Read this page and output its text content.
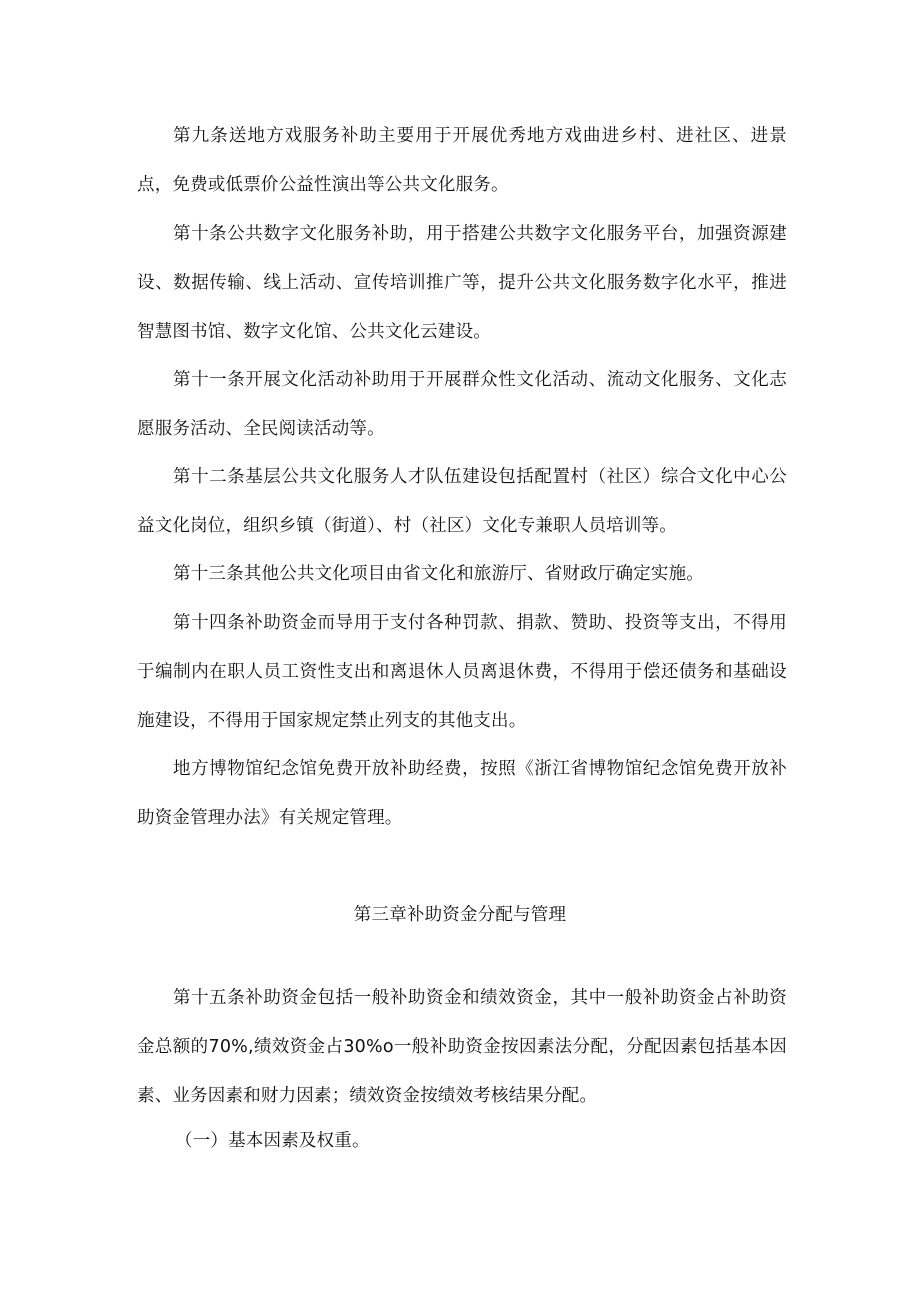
第九条送地方戏服务补助主要用于开展优秀地方戏曲进乡村、进社区、进景点，免费或低票价公益性演出等公共文化服务。

第十条公共数字文化服务补助，用于搭建公共数字文化服务平台，加强资源建设、数据传输、线上活动、宣传培训推广等，提升公共文化服务数字化水平，推进智慧图书馆、数字文化馆、公共文化云建设。

第十一条开展文化活动补助用于开展群众性文化活动、流动文化服务、文化志愿服务活动、全民阅读活动等。

第十二条基层公共文化服务人才队伍建设包括配置村（社区）综合文化中心公益文化岗位，组织乡镇（街道）、村（社区）文化专兼职人员培训等。

第十三条其他公共文化项目由省文化和旅游厅、省财政厅确定实施。

第十四条补助资金而导用于支付各种罚款、捐款、赞助、投资等支出，不得用于编制内在职人员工资性支出和离退休人员离退休费，不得用于偿还债务和基础设施建设，不得用于国家规定禁止列支的其他支出。

地方博物馆纪念馆免费开放补助经费，按照《浙江省博物馆纪念馆免费开放补助资金管理办法》有关规定管理。

第三章补助资金分配与管理

第十五条补助资金包括一般补助资金和绩效资金，其中一般补助资金占补助资金总额的70%,绩效资金占30%o一般补助资金按因素法分配，分配因素包括基本因素、业务因素和财力因素；绩效资金按绩效考核结果分配。

（一）基本因素及权重。
